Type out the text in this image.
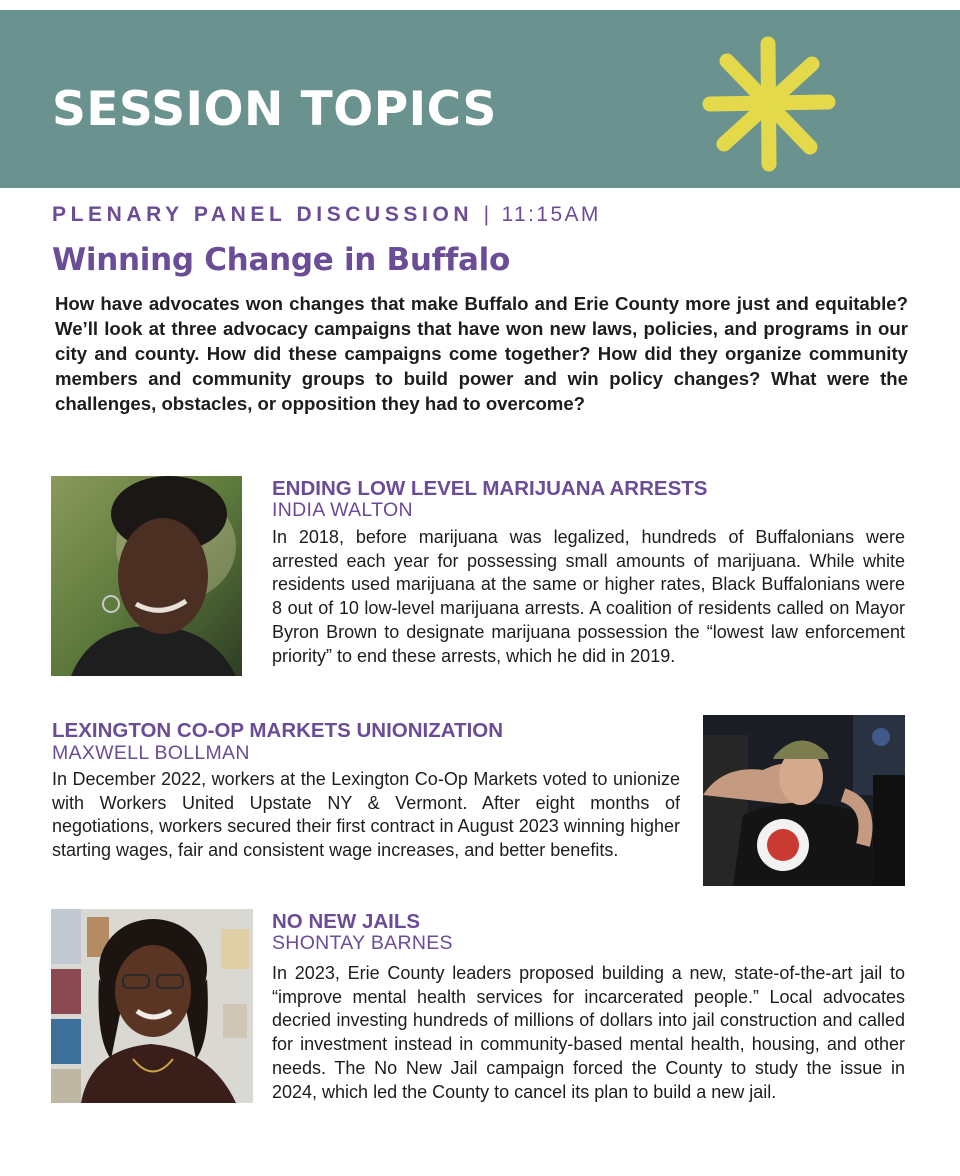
SESSION TOPICS

PLENARY PANEL DISCUSSION | 11:15AM

Winning Change in Buffalo

How have advocates won changes that make Buffalo and Erie County more just and equitable? We’ll look at three advocacy campaigns that have won new laws, policies, and programs in our city and county. How did these campaigns come together? How did they organize community members and community groups to build power and win policy changes? What were the challenges, obstacles, or opposition they had to overcome?

ENDING LOW LEVEL MARIJUANA ARRESTS

INDIA WALTON

In 2018, before marijuana was legalized, hundreds of Buffalonians were arrested each year for possessing small amounts of marijuana. While white residents used marijuana at the same or higher rates, Black Buffalonians were 8 out of 10 low-level marijuana arrests. A coalition of residents called on Mayor Byron Brown to designate marijuana possession the “lowest law enforcement priority” to end these arrests, which he did in 2019.

LEXINGTON CO-OP MARKETS UNIONIZATION

MAXWELL BOLLMAN

In December 2022, workers at the Lexington Co-Op Markets voted to unionize with Workers United Upstate NY & Vermont. After eight months of negotiations, workers secured their first contract in August 2023 winning higher starting wages, fair and consistent wage increases, and better benefits.

NO NEW JAILS

SHONTAY BARNES

In 2023, Erie County leaders proposed building a new, state-of-the-art jail to “improve mental health services for incarcerated people.” Local advocates decried investing hundreds of millions of dollars into jail construction and called for investment instead in community-based mental health, housing, and other needs. The No New Jail campaign forced the County to study the issue in 2024, which led the County to cancel its plan to build a new jail.
